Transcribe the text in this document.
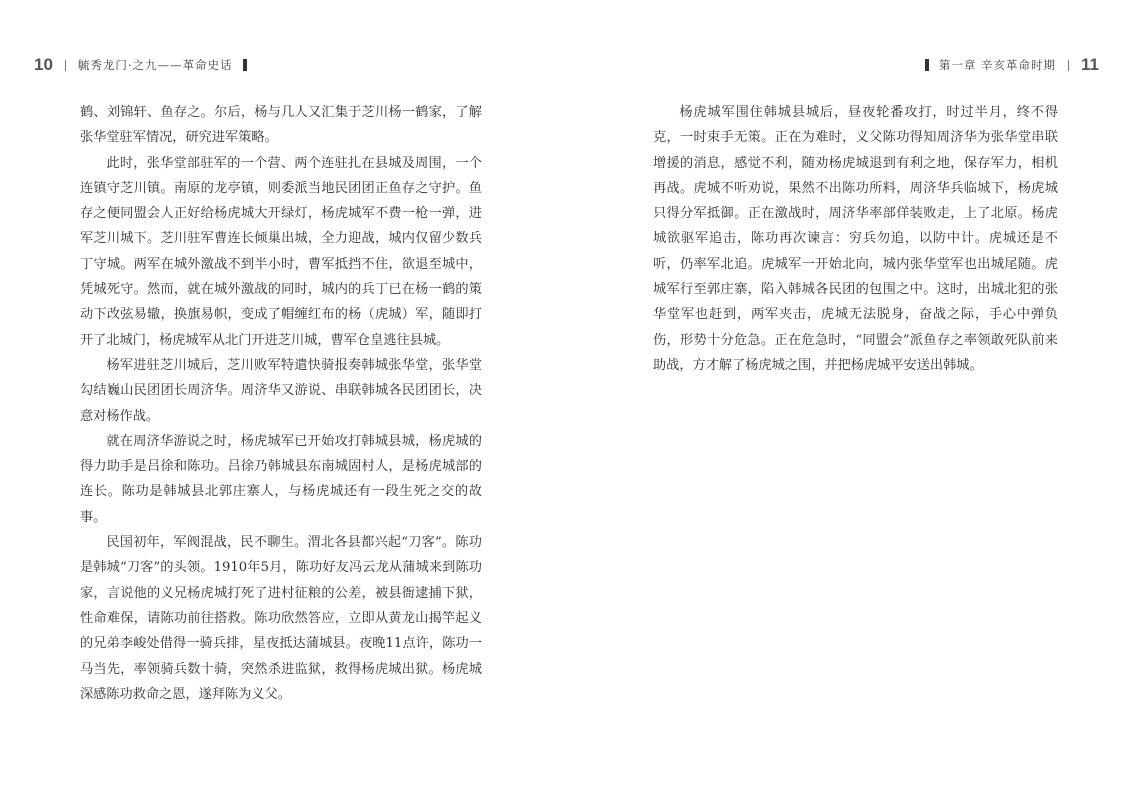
10 毓秀龙门·之九——革命史话

鹤、刘锦轩、鱼存之。尔后，杨与几人又汇集于芝川杨一鹤家，了解张华堂驻军情况，研究进军策略。

此时，张华堂部驻军的一个营、两个连驻扎在县城及周围，一个连镇守芝川镇。南原的龙亭镇，则委派当地民团团正鱼存之守护。鱼存之便同盟会人正好给杨虎城大开绿灯，杨虎城军不费一枪一弹，进军芝川城下。芝川驻军曹连长倾巢出城，全力迎战，城内仅留少数兵丁守城。两军在城外激战不到半小时，曹军抵挡不住，欲退至城中，凭城死守。然而，就在城外激战的同时，城内的兵丁已在杨一鹤的策动下改弦易辙，换旗易帜，变成了帽缠红布的杨（虎城）军，随即打开了北城门，杨虎城军从北门开进芝川城，曹军仓皇逃往县城。

杨军进驻芝川城后，芝川败军特遣快骑报奏韩城张华堂，张华堂勾结巍山民团团长周济华。周济华又游说、串联韩城各民团团长，决意对杨作战。

就在周济华游说之时，杨虎城军已开始攻打韩城县城，杨虎城的得力助手是吕徐和陈功。吕徐乃韩城县东南城固村人，是杨虎城部的连长。陈功是韩城县北郭庄寨人，与杨虎城还有一段生死之交的故事。

民国初年，军阀混战，民不聊生。渭北各县都兴起“刀客”。陈功是韩城“刀客”的头领。1910年5月，陈功好友冯云龙从蒲城来到陈功家，言说他的义兄杨虎城打死了进村征粮的公差，被县衙逮捕下狱，性命难保，请陈功前往搭救。陈功欣然答应，立即从黄龙山揭竿起义的兄弟李峻处借得一骑兵排，星夜抵达蒲城县。夜晚11点许，陈功一马当先，率领骑兵数十骑，突然杀进监狱，救得杨虎城出狱。杨虎城深感陈功救命之恩，遂拜陈为义父。

第一章 辛亥革命时期 11

杨虎城军围住韩城县城后，昼夜轮番攻打，时过半月，终不得克，一时束手无策。正在为难时，义父陈功得知周济华为张华堂串联增援的消息，感觉不利，随劝杨虎城退到有利之地，保存军力，相机再战。虎城不听劝说，果然不出陈功所料，周济华兵临城下，杨虎城只得分军抵御。正在激战时，周济华率部佯装败走，上了北原。杨虎城欲驱军追击，陈功再次谏言：穷兵勿追，以防中计。虎城还是不听，仍率军北追。虎城军一开始北向，城内张华堂军也出城尾随。虎城军行至郭庄寨，陷入韩城各民团的包围之中。这时，出城北犯的张华堂军也赶到，两军夹击，虎城无法脱身，奋战之际，手心中弹负伤，形势十分危急。正在危急时，“同盟会”派鱼存之率领敢死队前来助战，方才解了杨虎城之围，并把杨虎城平安送出韩城。
